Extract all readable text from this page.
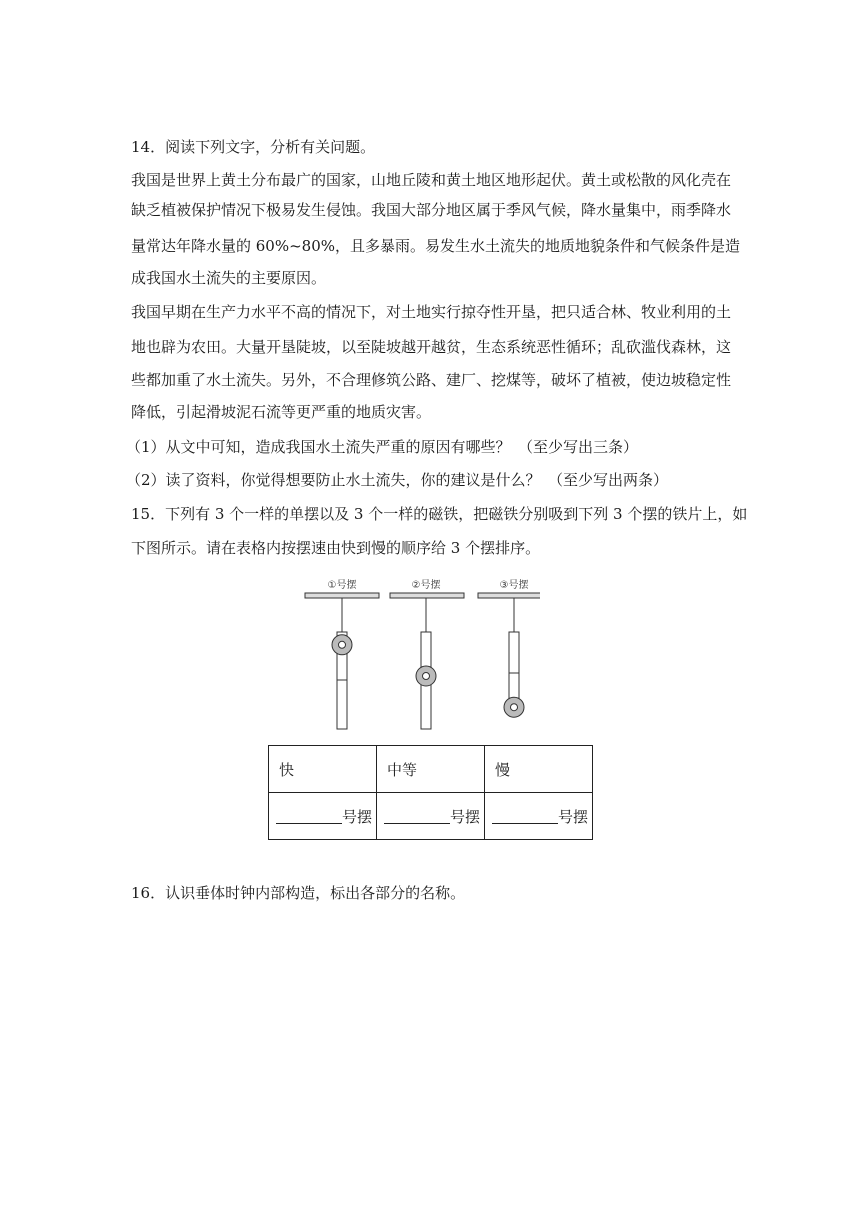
14．阅读下列文字，分析有关问题。
我国是世界上黄土分布最广的国家，山地丘陵和黄土地区地形起伏。黄土或松散的风化壳在
缺乏植被保护情况下极易发生侵蚀。我国大部分地区属于季风气候，降水量集中，雨季降水
量常达年降水量的 60%~80%，且多暴雨。易发生水土流失的地质地貌条件和气候条件是造
成我国水土流失的主要原因。
我国早期在生产力水平不高的情况下，对土地实行掠夺性开垦，把只适合林、牧业利用的土
地也辟为农田。大量开垦陡坡，以至陡坡越开越贫，生态系统恶性循环；乱砍滥伐森林，这
些都加重了水土流失。另外，不合理修筑公路、建厂、挖煤等，破坏了植被，使边坡稳定性
降低，引起滑坡泥石流等更严重的地质灾害。
（1）从文中可知，造成我国水土流失严重的原因有哪些？　（至少写出三条）
（2）读了资料，你觉得想要防止水土流失，你的建议是什么？　（至少写出两条）
15．下列有 3 个一样的单摆以及 3 个一样的磁铁，把磁铁分别吸到下列 3 个摆的铁片上，如
下图所示。请在表格内按摆速由快到慢的顺序给 3 个摆排序。
①号摆	②号摆	③号摆
快	中等	慢
号摆	号摆	号摆
16．认识垂体时钟内部构造，标出各部分的名称。
